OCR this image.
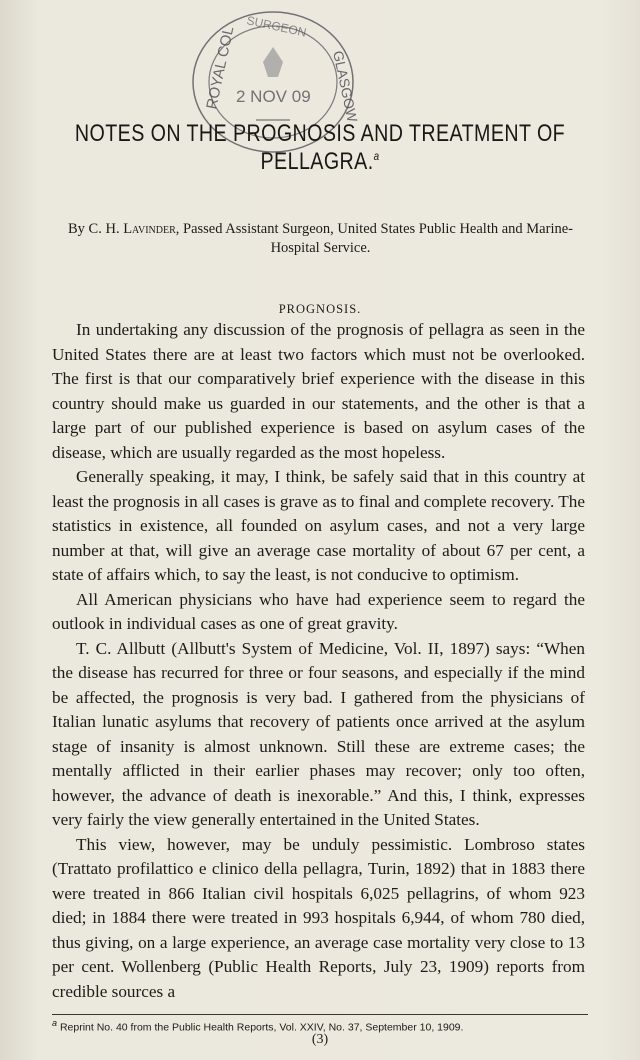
ROYAL COL	GLASGOW
SURGEON
2 NOV 09
NOTES ON THE PROGNOSIS AND TREATMENT OF PELLAGRA.$^a$
By C. H. Lavinder, Passed Assistant Surgeon, United States Public Health and Marine-Hospital Service.
PROGNOSIS.

In undertaking any discussion of the prognosis of pellagra as seen in the United States there are at least two factors which must not be overlooked. The first is that our comparatively brief experience with the disease in this country should make us guarded in our statements, and the other is that a large part of our published experience is based on asylum cases of the disease, which are usually regarded as the most hopeless.

Generally speaking, it may, I think, be safely said that in this country at least the prognosis in all cases is grave as to final and complete recovery. The statistics in existence, all founded on asylum cases, and not a very large number at that, will give an average case mortality of about 67 per cent, a state of affairs which, to say the least, is not conducive to optimism.

All American physicians who have had experience seem to regard the outlook in individual cases as one of great gravity.

T. C. Allbutt (Allbutt's System of Medicine, Vol. II, 1897) says: “When the disease has recurred for three or four seasons, and especially if the mind be affected, the prognosis is very bad. I gathered from the physicians of Italian lunatic asylums that recovery of patients once arrived at the asylum stage of insanity is almost unknown. Still these are extreme cases; the mentally afflicted in their earlier phases may recover; only too often, however, the advance of death is inexorable.” And this, I think, expresses very fairly the view generally entertained in the United States.

This view, however, may be unduly pessimistic. Lombroso states (Trattato profilattico e clinico della pellagra, Turin, 1892) that in 1883 there were treated in 866 Italian civil hospitals 6,025 pellagrins, of whom 923 died; in 1884 there were treated in 993 hospitals 6,944, of whom 780 died, thus giving, on a large experience, an average case mortality very close to 13 per cent. Wollenberg (Public Health Reports, July 23, 1909) reports from credible sources a

a Reprint No. 40 from the Public Health Reports, Vol. XXIV, No. 37, September 10, 1909.
(3)
